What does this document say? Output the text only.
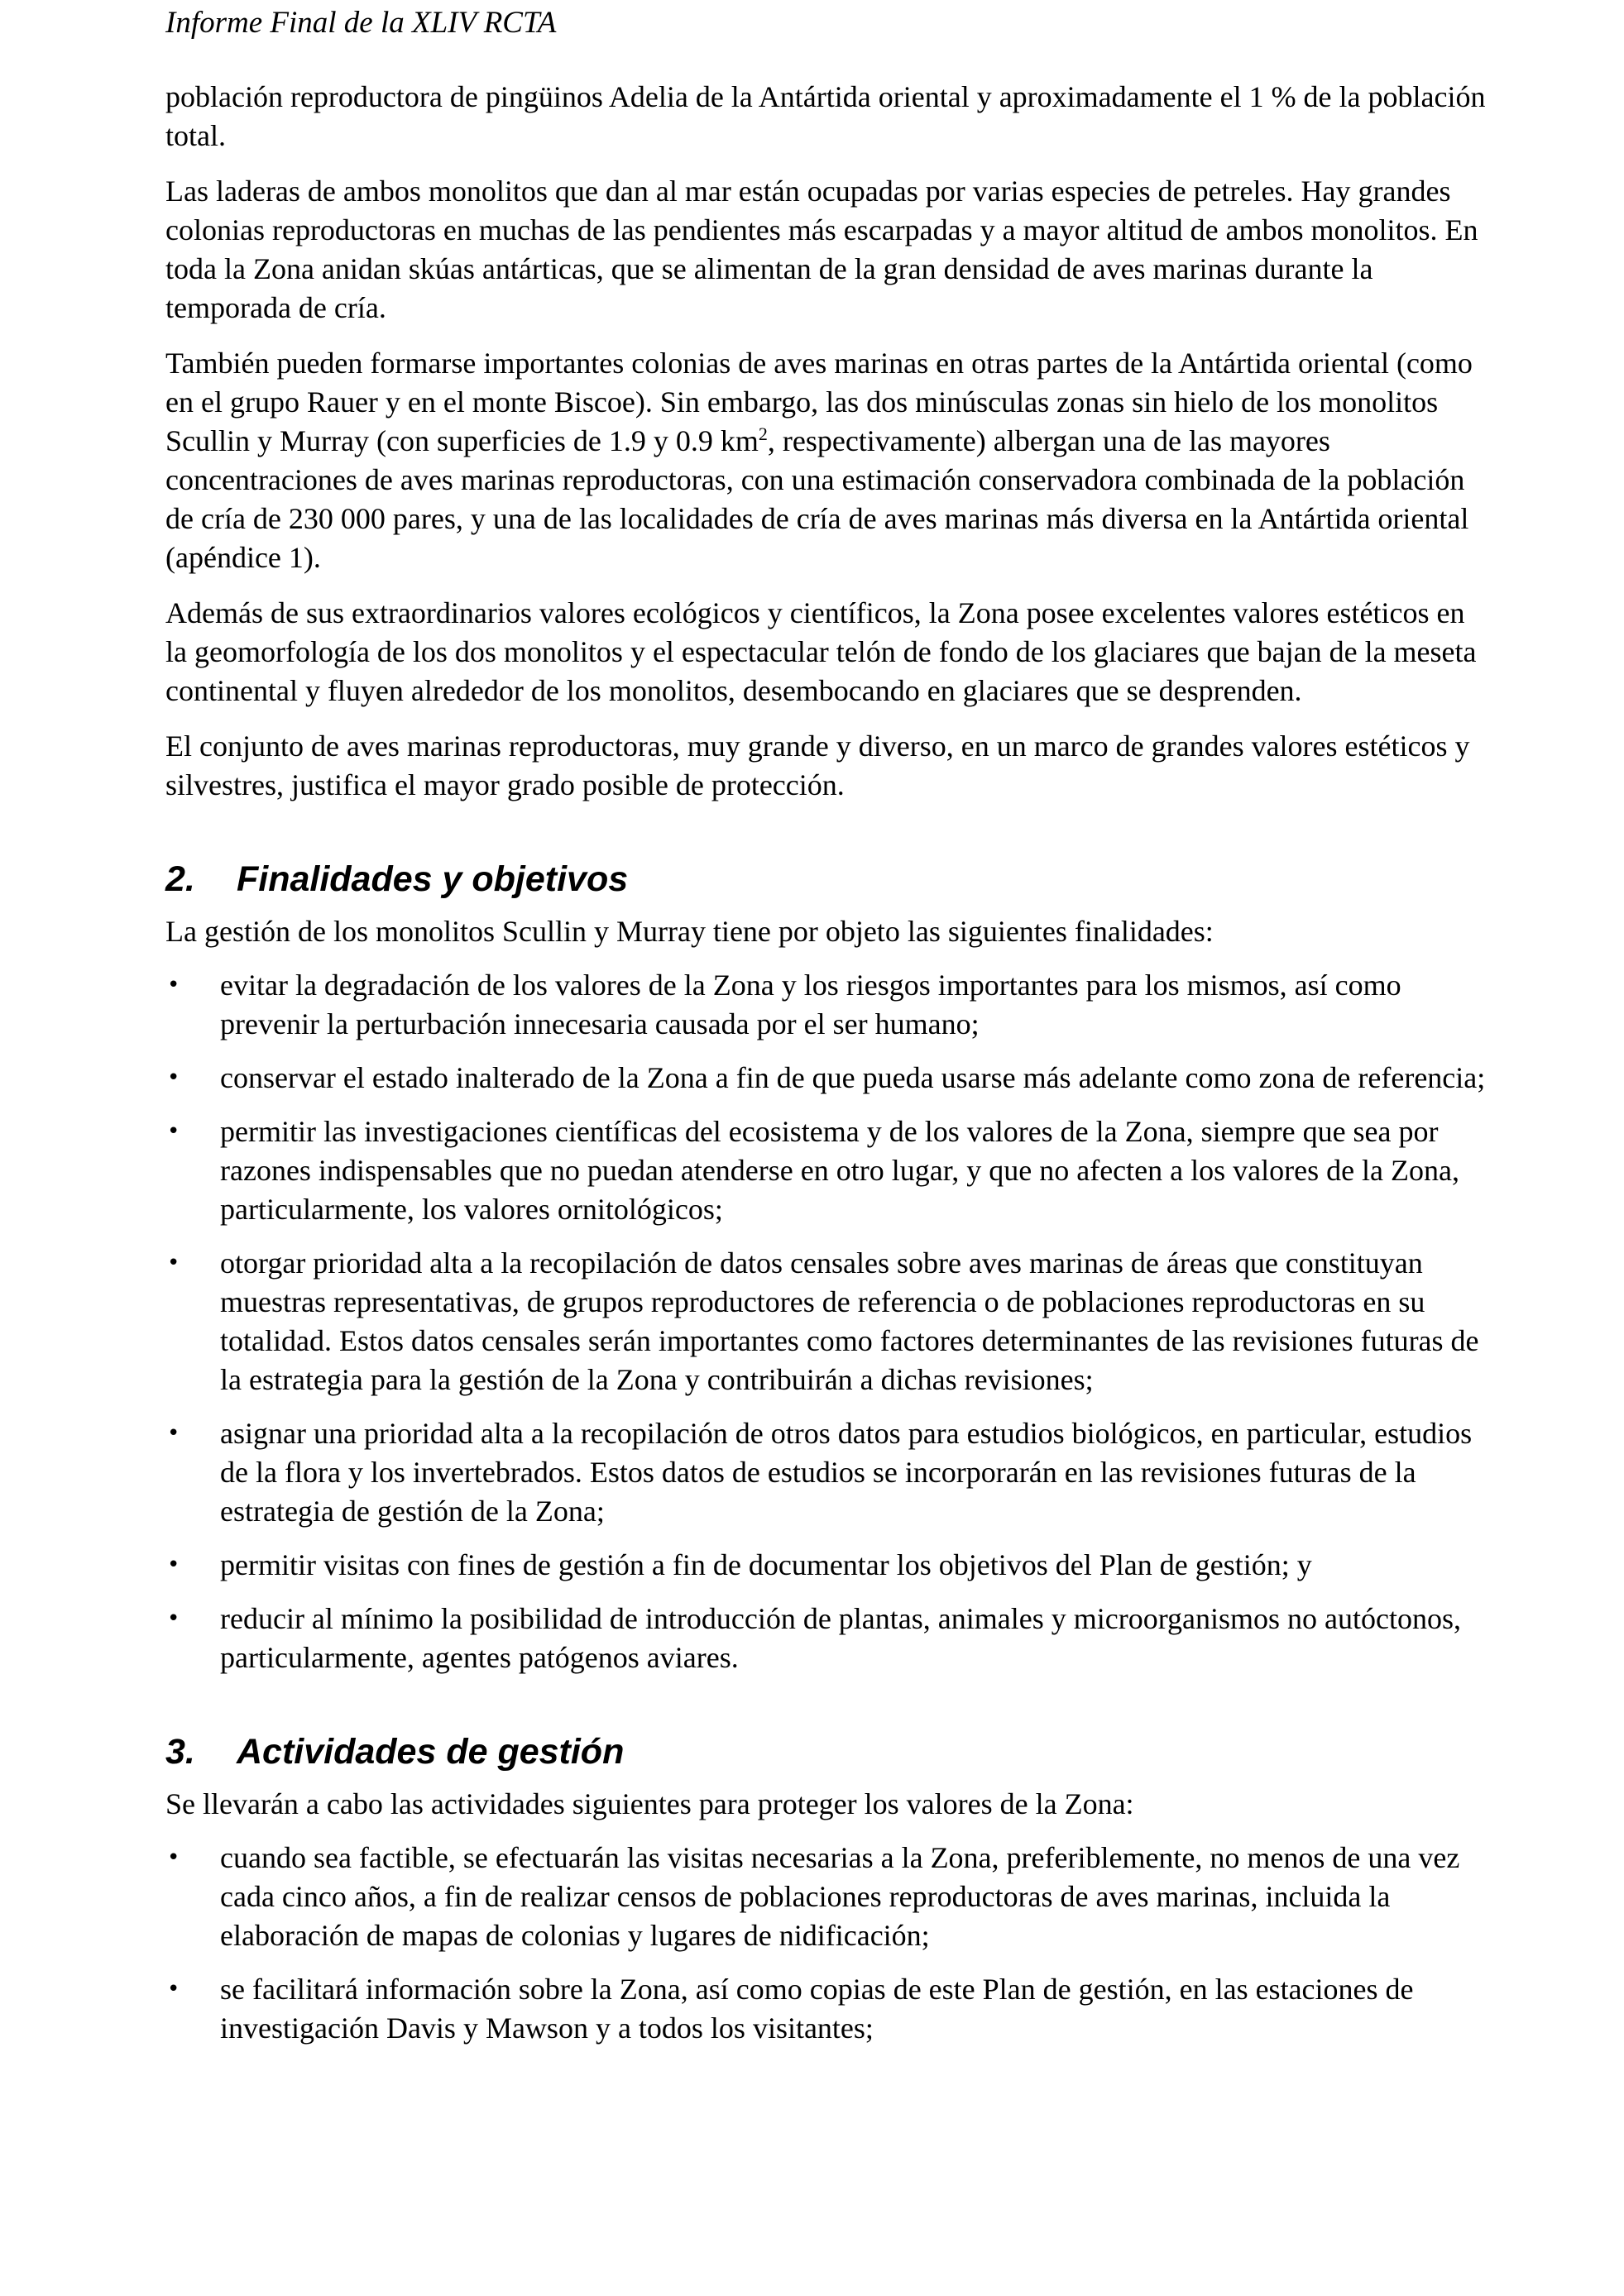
Informe Final de la XLIV RCTA

población reproductora de pingüinos Adelia de la Antártida oriental y aproximadamente el 1 % de la población total.

Las laderas de ambos monolitos que dan al mar están ocupadas por varias especies de petreles. Hay grandes colonias reproductoras en muchas de las pendientes más escarpadas y a mayor altitud de ambos monolitos. En toda la Zona anidan skúas antárticas, que se alimentan de la gran densidad de aves marinas durante la temporada de cría.

También pueden formarse importantes colonias de aves marinas en otras partes de la Antártida oriental (como en el grupo Rauer y en el monte Biscoe). Sin embargo, las dos minúsculas zonas sin hielo de los monolitos Scullin y Murray (con superficies de 1.9 y 0.9 $km^2$, respectivamente) albergan una de las mayores concentraciones de aves marinas reproductoras, con una estimación conservadora combinada de la población de cría de 230 000 pares, y una de las localidades de cría de aves marinas más diversa en la Antártida oriental (apéndice 1).

Además de sus extraordinarios valores ecológicos y científicos, la Zona posee excelentes valores estéticos en la geomorfología de los dos monolitos y el espectacular telón de fondo de los glaciares que bajan de la meseta continental y fluyen alrededor de los monolitos, desembocando en glaciares que se desprenden.

El conjunto de aves marinas reproductoras, muy grande y diverso, en un marco de grandes valores estéticos y silvestres, justifica el mayor grado posible de protección.

2.	Finalidades y objetivos

La gestión de los monolitos Scullin y Murray tiene por objeto las siguientes finalidades:

• evitar la degradación de los valores de la Zona y los riesgos importantes para los mismos, así como prevenir la perturbación innecesaria causada por el ser humano;
• conservar el estado inalterado de la Zona a fin de que pueda usarse más adelante como zona de referencia;
• permitir las investigaciones científicas del ecosistema y de los valores de la Zona, siempre que sea por razones indispensables que no puedan atenderse en otro lugar, y que no afecten a los valores de la Zona, particularmente, los valores ornitológicos;
• otorgar prioridad alta a la recopilación de datos censales sobre aves marinas de áreas que constituyan muestras representativas, de grupos reproductores de referencia o de poblaciones reproductoras en su totalidad. Estos datos censales serán importantes como factores determinantes de las revisiones futuras de la estrategia para la gestión de la Zona y contribuirán a dichas revisiones;
• asignar una prioridad alta a la recopilación de otros datos para estudios biológicos, en particular, estudios de la flora y los invertebrados. Estos datos de estudios se incorporarán en las revisiones futuras de la estrategia de gestión de la Zona;
• permitir visitas con fines de gestión a fin de documentar los objetivos del Plan de gestión; y
• reducir al mínimo la posibilidad de introducción de plantas, animales y microorganismos no autóctonos, particularmente, agentes patógenos aviares.
3.	Actividades de gestión

Se llevarán a cabo las actividades siguientes para proteger los valores de la Zona:

• cuando sea factible, se efectuarán las visitas necesarias a la Zona, preferiblemente, no menos de una vez cada cinco años, a fin de realizar censos de poblaciones reproductoras de aves marinas, incluida la elaboración de mapas de colonias y lugares de nidificación;
• se facilitará información sobre la Zona, así como copias de este Plan de gestión, en las estaciones de investigación Davis y Mawson y a todos los visitantes;
